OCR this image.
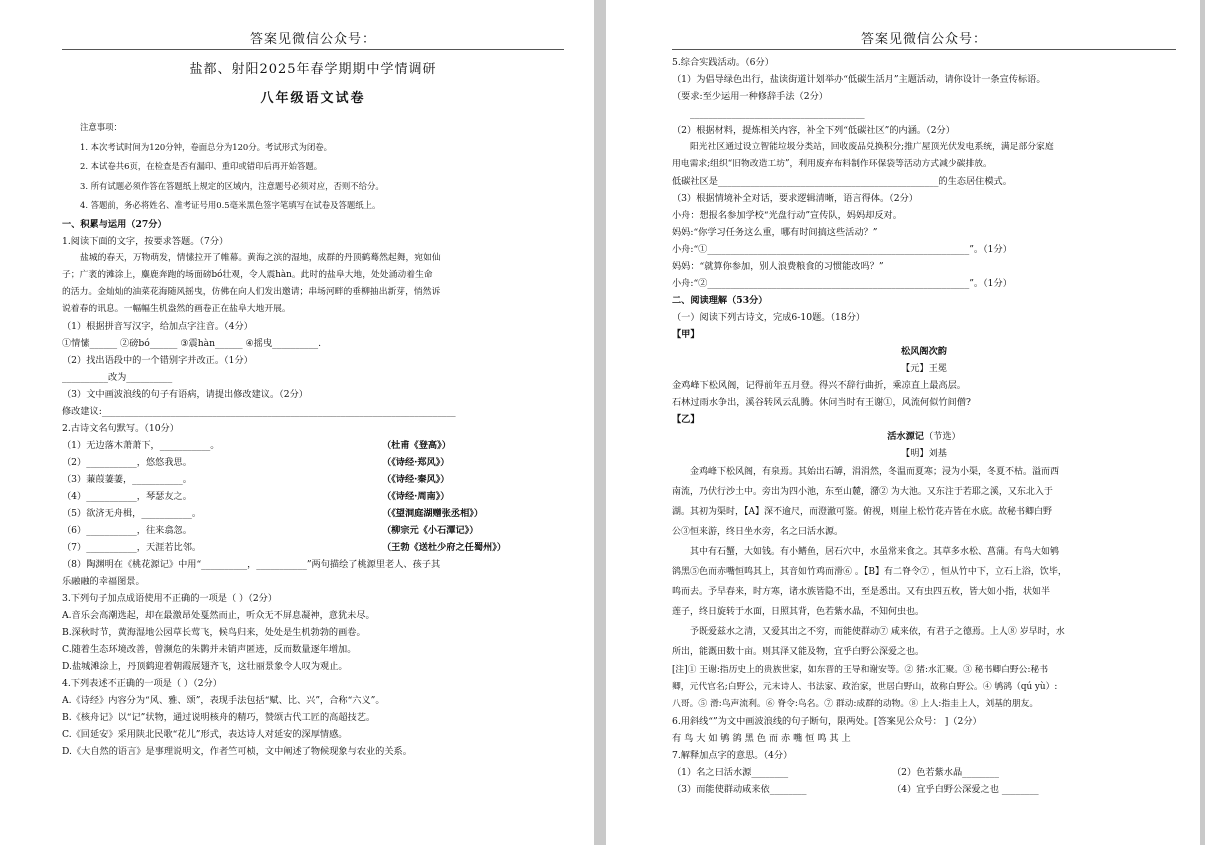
答案见微信公众号：
盐都、射阳2025年春学期期中学情调研
八年级语文试卷
注意事项：
1. 本次考试时间为120分钟，卷面总分为120分。考试形式为闭卷。
2. 本试卷共6页，在检查是否有漏印、重印或错印后再开始答题。
3. 所有试题必须作答在答题纸上规定的区域内，注意题号必须对应，否则不给分。
4. 答题前，务必将姓名、准考证号用0.5毫米黑色签字笔填写在试卷及答题纸上。
一、积累与运用（27分）
1.阅读下面的文字，按要求答题。（7分）
盐城的春天，万物萌发，情愫拉开了帷幕。黄海之滨的湿地，成群的丹顶鹤蓦然起舞，宛如仙
子；广袤的滩涂上，麋鹿奔跑的场面磅bó壮观，令人震hàn。此时的盐阜大地，处处涌动着生命
的活力。金灿灿的油菜花海随风摇曳，仿佛在向人们发出邀请；串场河畔的垂柳抽出新芽，悄然诉
说着春的讯息。一幅幅生机盎然的画卷正在盐阜大地开展。
（1）根据拼音写汉字，给加点字注音。（4分）
①情愫______ ②磅bó______ ③震hàn______ ④摇曳__________.
（2）找出语段中的一个错别字并改正。（1分）
__________改为__________
（3）文中画波浪线的句子有语病，请提出修改建议。（2分）
修改建议:_____________________________________________________________________________
2.古诗文名句默写。（10分）
（1）无边落木萧萧下，___________。	（杜甫《登高》）
（2）___________，悠悠我思。	（《诗经·郑风》）
（3）蒹葭萋萋，___________。	（《诗经·秦风》）
（4）___________，琴瑟友之。	（《诗经·周南》）
（5）欲济无舟楫，___________。	（《望洞庭湖赠张丞相》）
（6）___________，往来翕忽。	（柳宗元《小石潭记》）
（7）___________，天涯若比邻。	（王勃《送杜少府之任蜀州》）
（8）陶渊明在《桃花源记》中用“__________，___________”两句描绘了桃源里老人、孩子其
乐融融的幸福图景。
3.下列句子加点成语使用不正确的一项是（ ）（2分）
A.音乐会高潮选起，却在最激昂处戛然而止，听众无不屏息凝神，意犹未尽。
B.深秋时节，黄海湿地公园草长莺飞，候鸟归来，处处是生机勃勃的画卷。
C.随着生态环境改善，曾濒危的朱鹮并未销声匿迹，反而数量逐年增加。
D.盐城滩涂上，丹顶鹤迎着朝霞展翅齐飞，这壮丽景象令人叹为观止。
4.下列表述不正确的一项是（ ）（2分）
A.《诗经》内容分为“风、雅、颂”，表现手法包括“赋、比、兴”，合称“六义”。
B.《核舟记》以“记”状物，通过说明核舟的精巧，赞颂古代工匠的高超技艺。
C.《回延安》采用陕北民歌“花儿”形式，表达诗人对延安的深厚情感。
D.《大自然的语言》是事理说明文，作者竺可桢，文中阐述了物候现象与农业的关系。
答案见微信公众号：
5.综合实践活动。（6分）
（1）为倡导绿色出行，盐读街道计划举办“低碳生活月”主题活动，请你设计一条宣传标语。
（要求:至少运用一种修辞手法（2分）
______________________________________
（2）根据材料，提炼相关内容，补全下列“低碳社区”的内涵。（2分）
阳光社区通过设立智能垃圾分类站，回收废品兑换积分;推广屋顶光伏发电系统，满足部分家庭
用电需求;组织“旧物改造工坊”，利用废弃布料制作环保袋等活动方式减少碳排放。
低碳社区是________________________________________________的生态居住模式。
（3）根据情境补全对话，要求逻辑清晰，语言得体。（2分）
小舟：想报名参加学校“光盘行动”宣传队，妈妈却反对。
妈妈:“你学习任务这么重，哪有时间搞这些活动？”
小舟:“①_________________________________________________________”。（1分）
妈妈：“就算你参加，别人浪费粮食的习惯能改吗？”
小舟:“②_________________________________________________________”。（1分）
二、阅读理解（53分）
（一）阅读下列古诗文，完成6-10题。（18分）
【甲】
松风阁次韵
【元】王冕
金鸡峰下松风阁，记得前年五月登。得兴不辞行曲折，乘凉直上最高层。
石林过雨水争出，溪谷转风云乱腾。休问当时有王谢①，风流何似竹间僧?
【乙】
活水源记（节选）
【明】刘基
金鸡峰下松风阁，有泉焉。其始出石罅，涓涓然，冬温而夏寒；浸为小渠，冬夏不枯。溢而西
南流，乃伏行沙土中。旁出为四小池，东至山麓，潴② 为大池。又东注于若耶之溪，又东北入于
湖。其初为渠时，【A】深不逾尺，而澄澈可鉴。俯视，则崖上松竹花卉皆在水底。故秘书卿白野
公③恒来游，终日坐水旁，名之曰活水源。
其中有石蟹，大如钱。有小鳍鱼，居石穴中，水虽常来食之。其草多水松、菖蒲。有鸟大如鸲
鹆黑⑤色而赤嘴恒鸣其上，其音如竹鸡而滑⑥ 。【B】有二脊令⑦ ，恒从竹中下，立石上浴，饮毕，
鸣而去。予早春来，时方寒，诸水族皆隐不出，至是悉出。又有虫四五枚，皆大如小指，状如半
莲子，终日旋转于水面，日照其背，色若紫水晶，不知何虫也。
予既爱兹水之清，又爱其出之不穷，而能使群动⑦ 咸来依，有君子之德焉。上人⑧ 岁早时，水
所出，能溉田数十亩。则其泽又能及物，宜乎白野公深爱之也。
[注]① 王谢:指历史上的贵族世家，如东晋的王导和谢安等。② 猪:水汇聚。③ 秘书卿白野公:秘书
卿，元代官名;白野公，元末诗人、书法家、政治家，世居白野山，故称白野公。④ 鸲鹆（qú yù）:
八哥。⑤ 滑:鸟声流利。⑥ 脊令:鸟名。⑦ 群动:成群的动物。⑧ 上人:指圭上人，刘基的朋友。
6.用斜线“”为文中画波浪线的句子断句，限两处。[答案见公众号： ]（2分）
有 鸟 大 如 鸲 鹆 黑 色 而 赤 嘴 恒 鸣 其 上
7.解释加点字的意思。（4分）
（1）名之曰活水源________	（2）色若紫水晶________
（3）而能使群动咸来依________	（4）宜乎白野公深爱之也 ________
